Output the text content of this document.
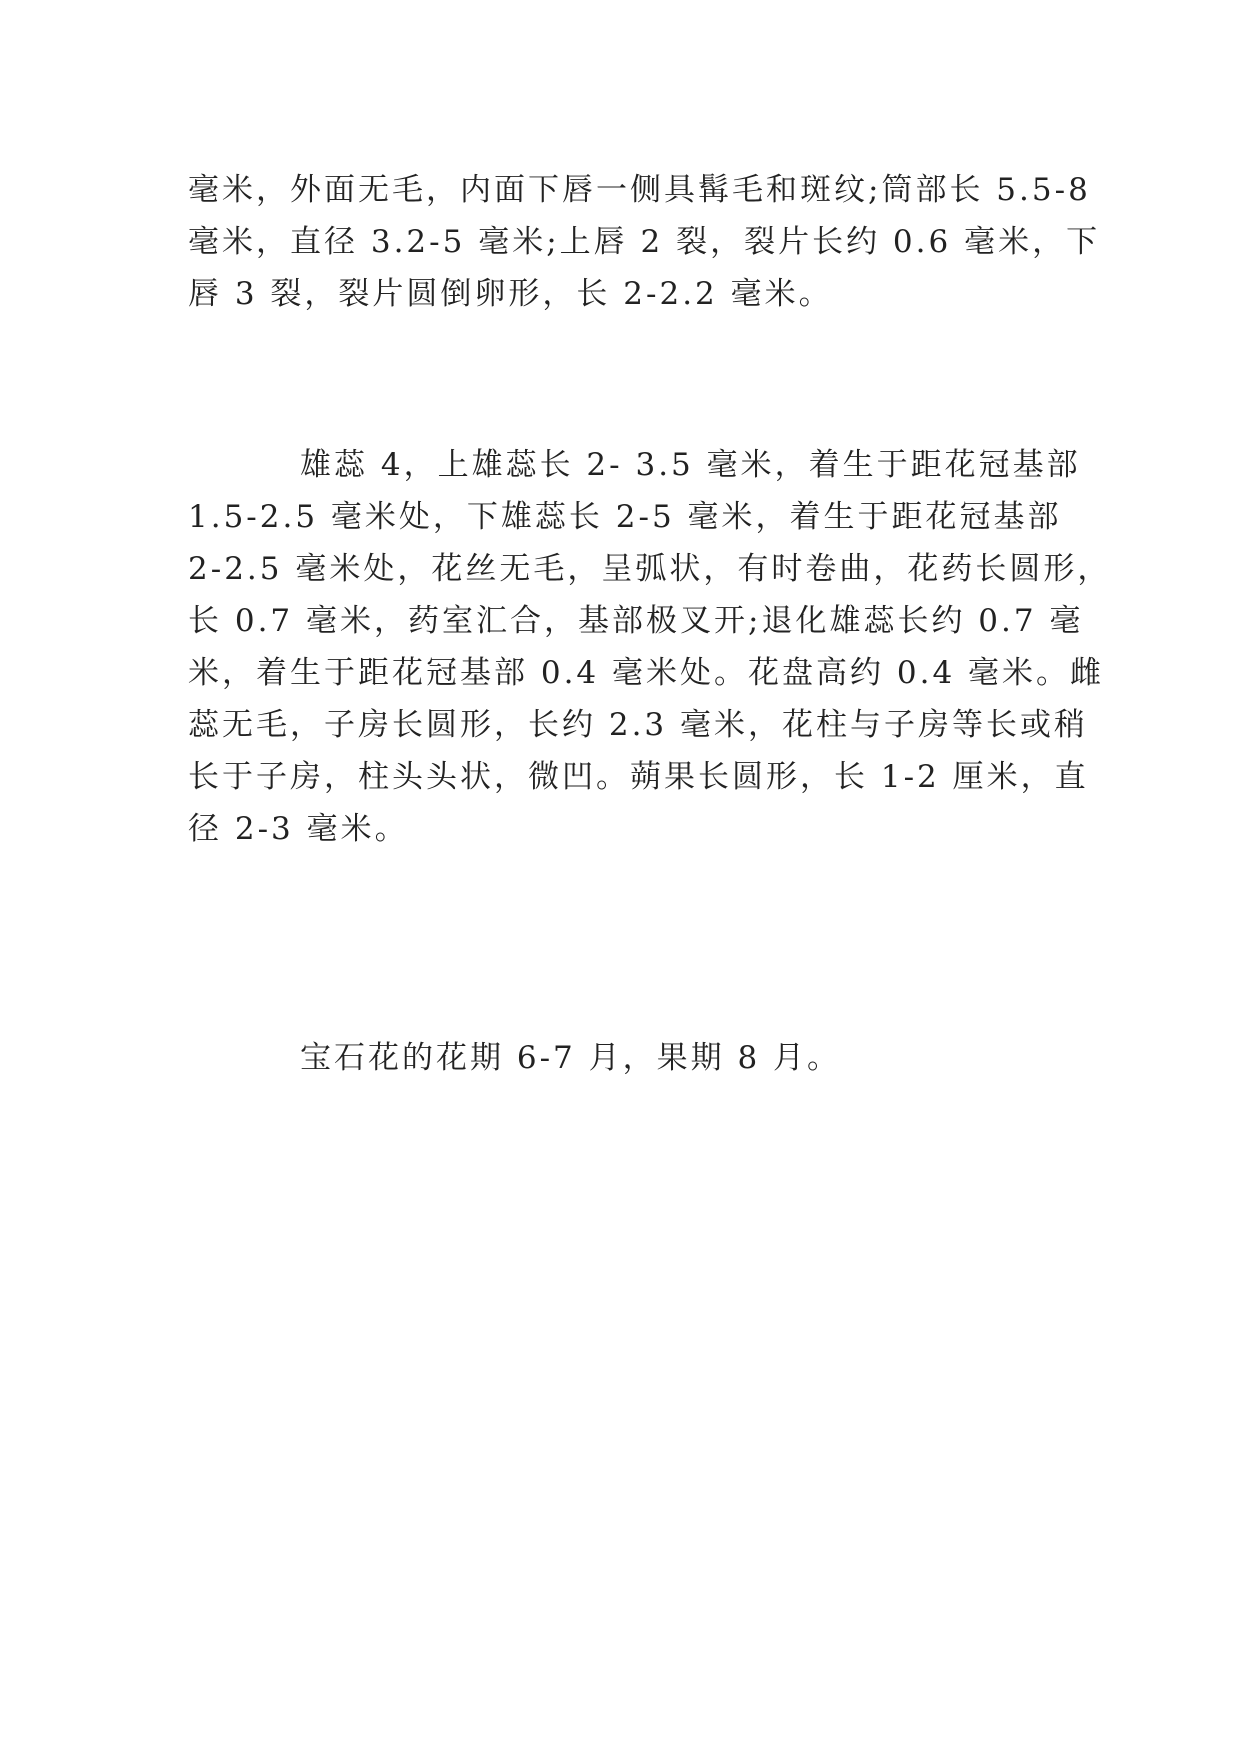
毫米，外面无毛，内面下唇一侧具髯毛和斑纹;筒部长 5.5-8
毫米，直径 3.2-5 毫米;上唇 2 裂，裂片长约 0.6 毫米，下
唇 3 裂，裂片圆倒卵形，长 2-2.2 毫米。
雄蕊 4，上雄蕊长 2- 3.5 毫米，着生于距花冠基部
1.5-2.5 毫米处，下雄蕊长 2-5 毫米，着生于距花冠基部
2-2.5 毫米处，花丝无毛，呈弧状，有时卷曲，花药长圆形，
长 0.7 毫米，药室汇合，基部极叉开;退化雄蕊长约 0.7 毫
米，着生于距花冠基部 0.4 毫米处。花盘高约 0.4 毫米。雌
蕊无毛，子房长圆形，长约 2.3 毫米，花柱与子房等长或稍
长于子房，柱头头状，微凹。蒴果长圆形，长 1-2 厘米，直
径 2-3 毫米。
宝石花的花期 6-7 月，果期 8 月。
